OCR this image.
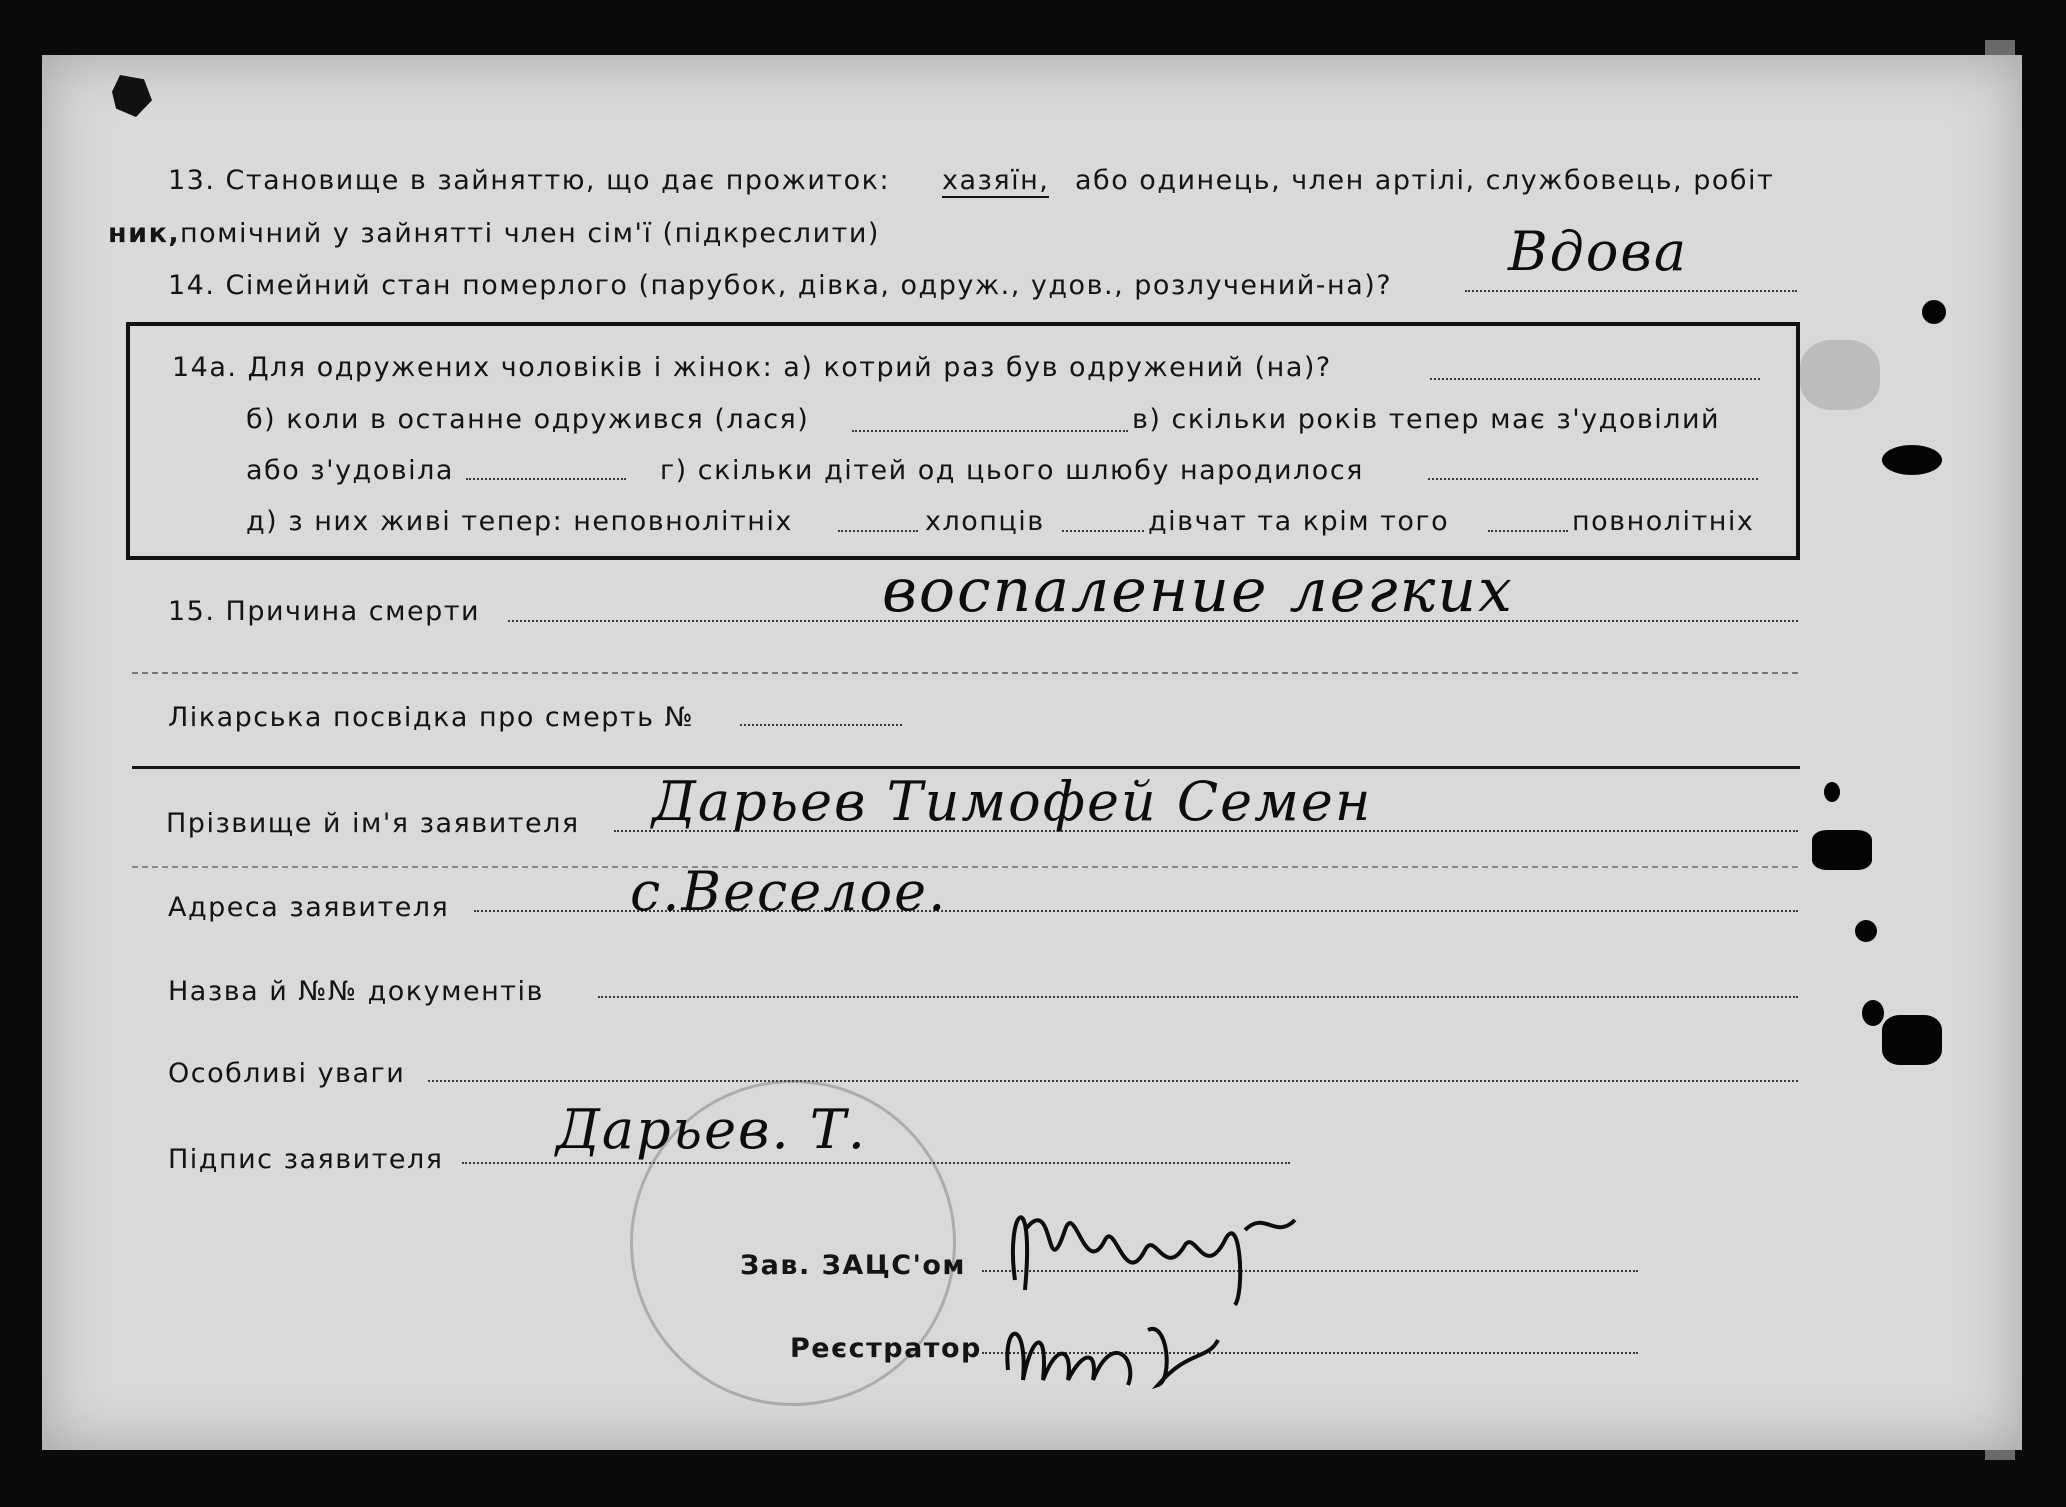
13. Становище в зайняттю, що дає прожиток: хазяїн, або одинець, член артілі, службовець, робіт
ник, помічний у зайнятті член сім'ї (підкреслити)
14. Сімейний стан померлого (парубок, дівка, одруж., удов., розлучений-на)?
Вдова
14а. Для одружених чоловіків і жінок: а) котрий раз був одружений (на)?
б) коли в останне одружився (лася)	в) скільки років тепер має з'удовілий
або з'удовіла	г) скільки дітей од цього шлюбу народилося
д) з них живі тепер: неповнолітніх	хлопців	дівчат та крім того	повнолітніх
15. Причина смерти	воспаление легких
Лікарська посвідка про смерть №
Прізвище й ім'я заявителя Дарьев Тимофей Семен
Адреса заявителя	с.Веселое.
Назва й №№ документів
Особливі уваги
Підпис заявителя Дарьев. Т.
Зав. ЗАЦС'ом
Реєстратор
